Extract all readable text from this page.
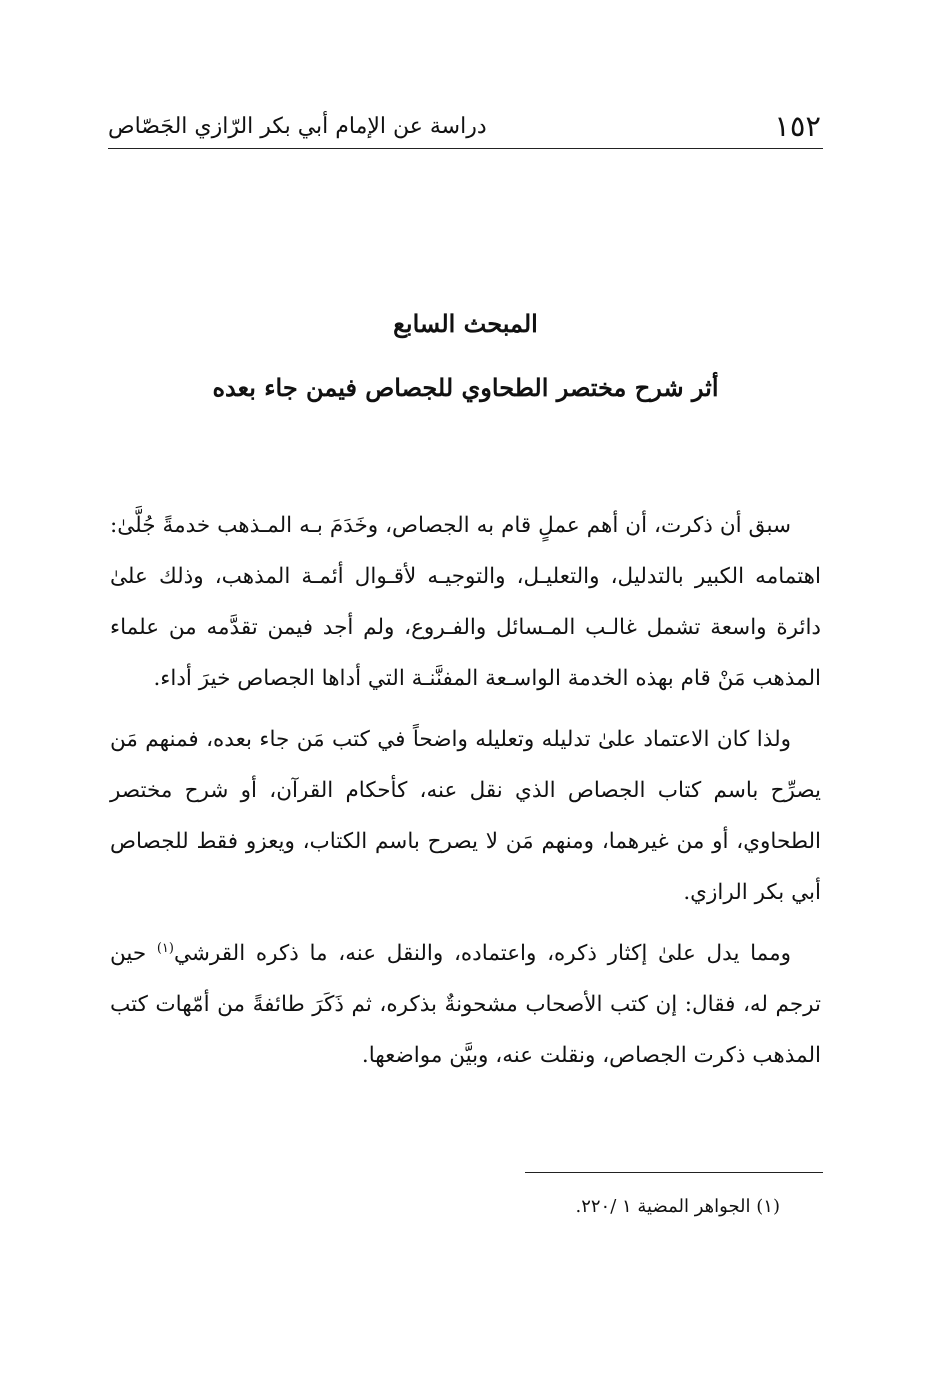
١٥٢
دراسة عن الإمام أبي بكر الرّازي الجَصّاص
المبحث السابع
أثر شرح مختصر الطحاوي للجصاص فيمن جاء بعده

سبق أن ذكرت، أن أهم عملٍ قام به الجصاص، وخَدَمَ بـه المـذهب خدمةً جُلَّىٰ: اهتمامه الكبير بالتدليل، والتعليـل، والتوجيـه لأقـوال أئمـة المذهب، وذلك علىٰ دائرة واسعة تشمل غالـب المـسائل والفـروع، ولم أجد فيمن تقدَّمه من علماء المذهب مَنْ قام بهذه الخدمة الواسـعة المفنَّنـة التي أداها الجصاص خيرَ أداء.

ولذا كان الاعتماد علىٰ تدليله وتعليله واضحاً في كتب مَن جاء بعده، فمنهم مَن يصرِّح باسم كتاب الجصاص الذي نقل عنه، كأحكام القرآن، أو شرح مختصر الطحاوي، أو من غيرهما، ومنهم مَن لا يصرح باسم الكتاب، ويعزو فقط للجصاص أبي بكر الرازي.

ومما يدل علىٰ إكثار ذكره، واعتماده، والنقل عنه، ما ذكره القرشي$^{(١)}$ حين ترجم له، فقال: إن كتب الأصحاب مشحونةٌ بذكره، ثم ذَكَرَ طائفةً من أمّهات كتب المذهب ذكرت الجصاص، ونقلت عنه، وبيَّن مواضعها.

(١) الجواهر المضية ١ /٢٢٠.
